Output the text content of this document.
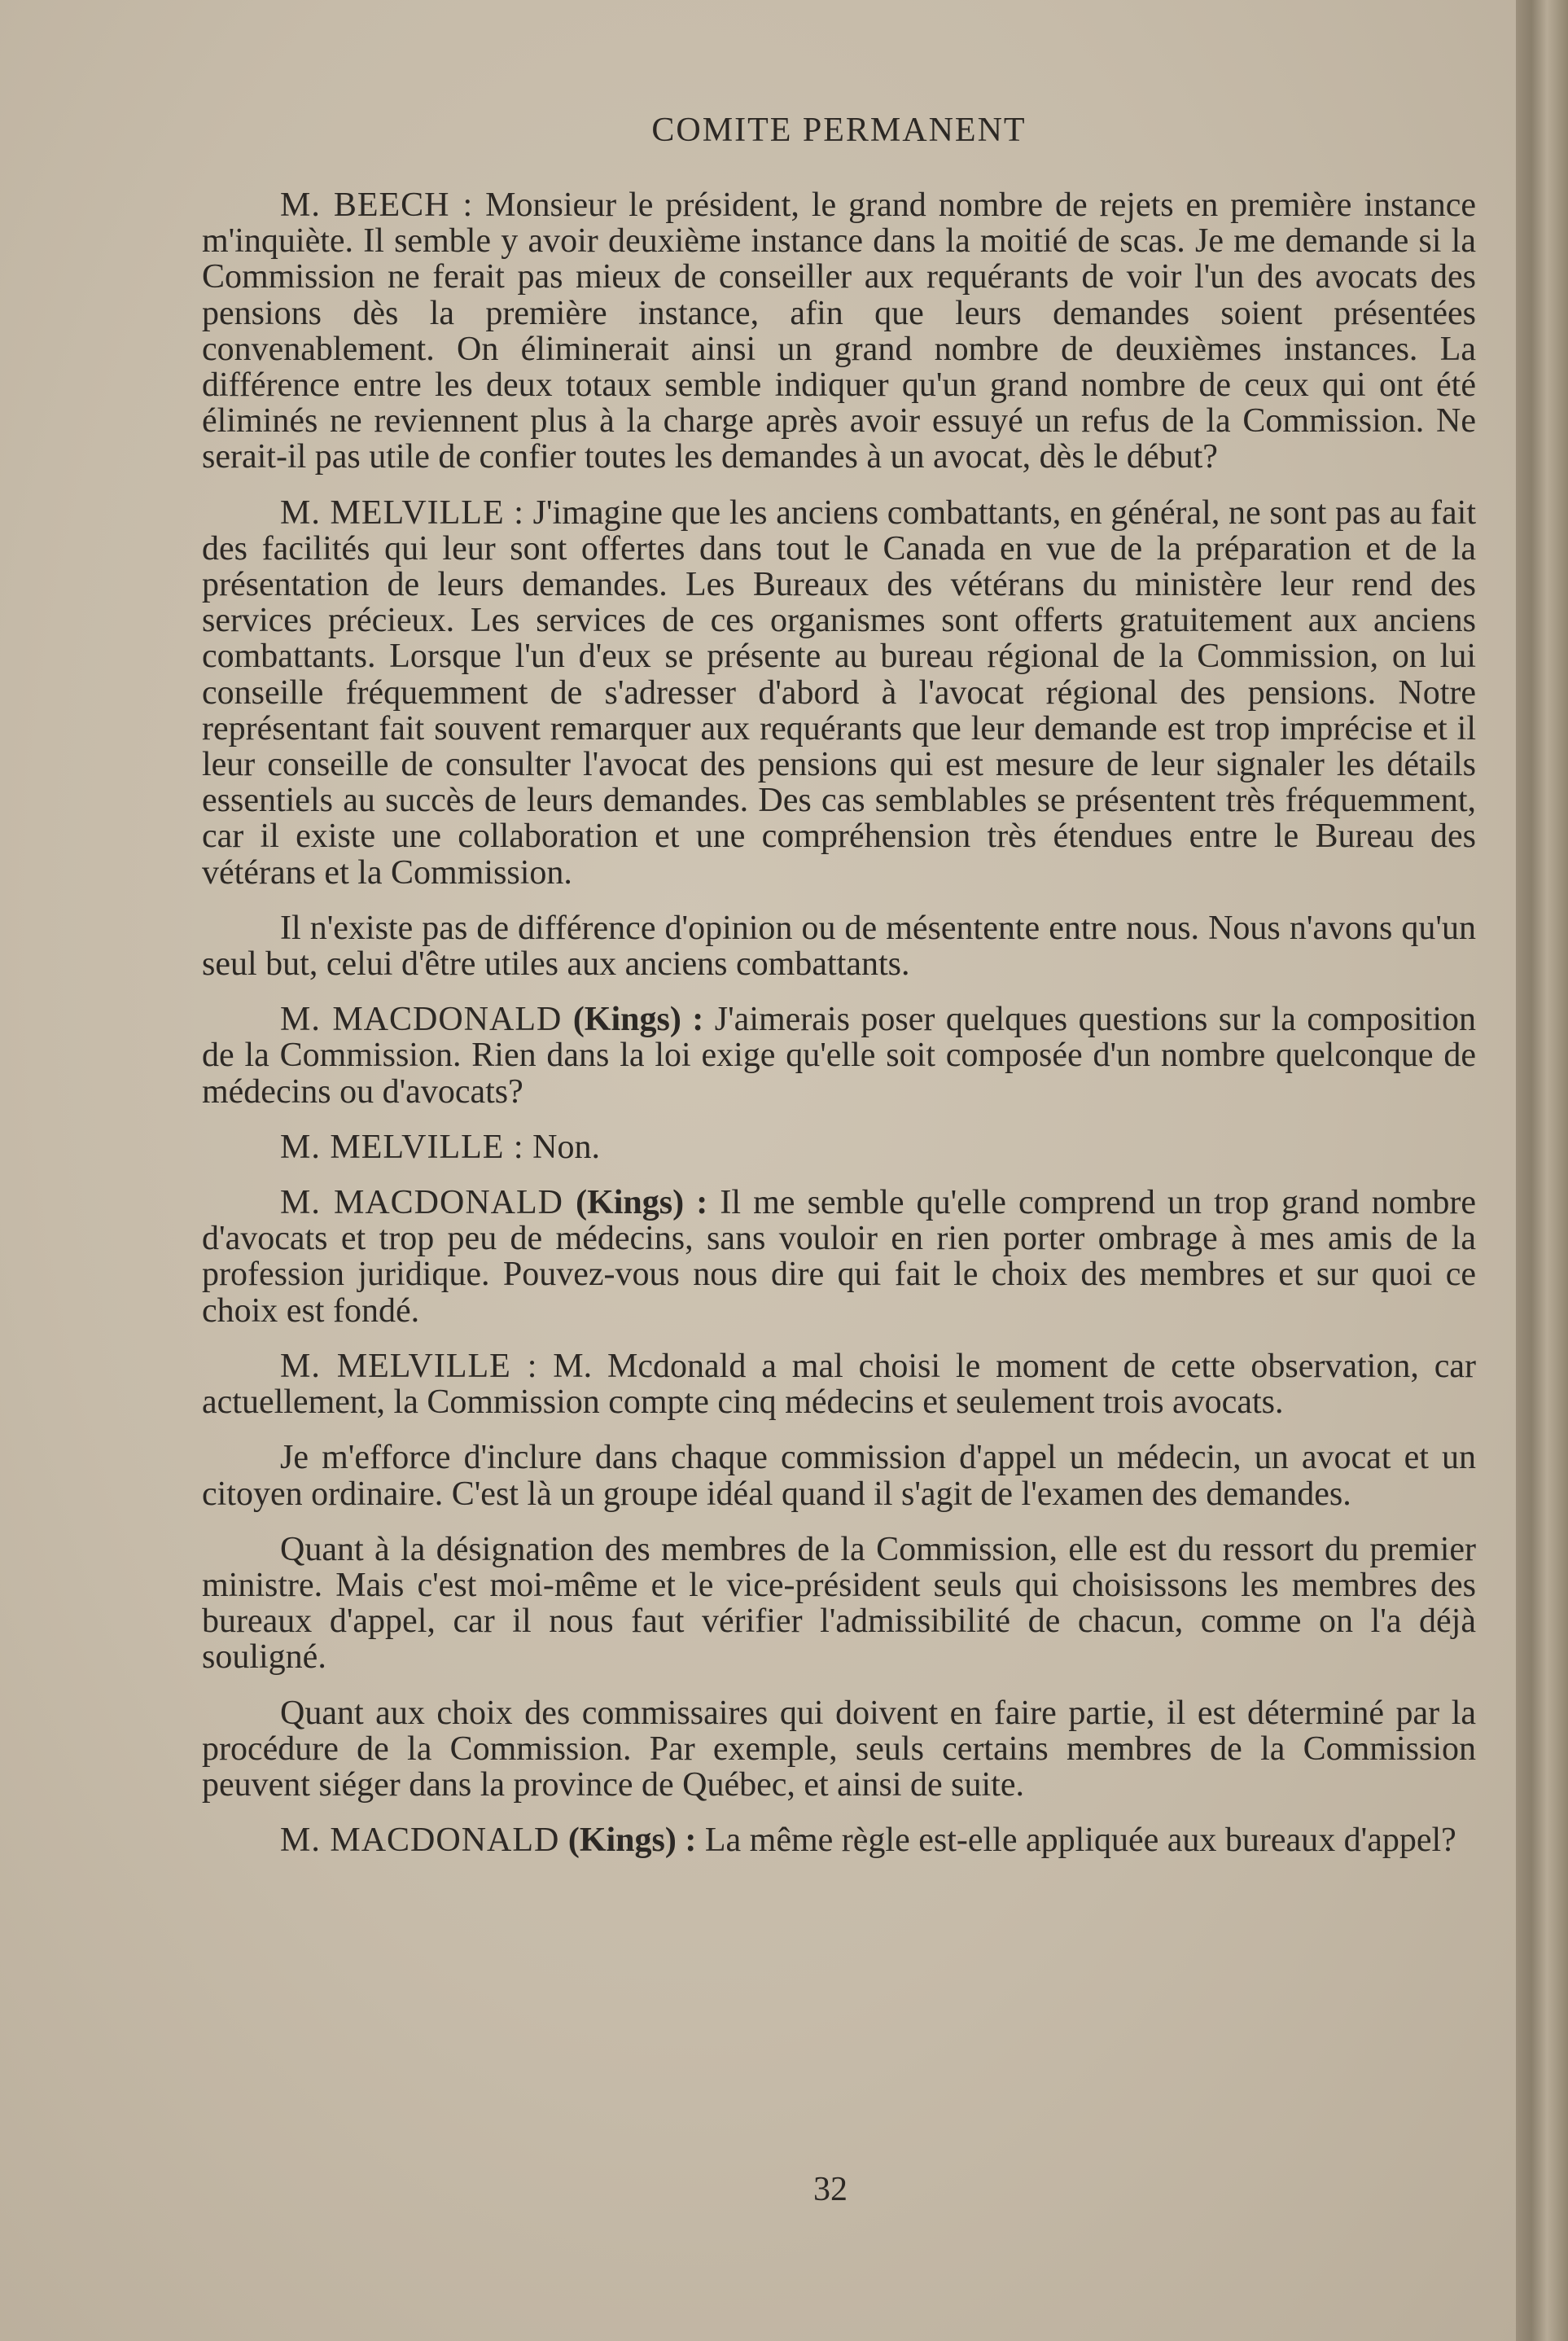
COMITE PERMANENT

M. BEECH : Monsieur le président, le grand nombre de rejets en première instance m'inquiète. Il semble y avoir deuxième instance dans la moitié de scas. Je me demande si la Commission ne ferait pas mieux de conseiller aux requérants de voir l'un des avocats des pensions dès la première instance, afin que leurs demandes soient présentées convenablement. On éliminerait ainsi un grand nombre de deuxièmes instances. La différence entre les deux totaux semble indiquer qu'un grand nombre de ceux qui ont été éliminés ne reviennent plus à la charge après avoir essuyé un refus de la Commission. Ne serait-il pas utile de confier toutes les demandes à un avocat, dès le début?

M. MELVILLE : J'imagine que les anciens combattants, en général, ne sont pas au fait des facilités qui leur sont offertes dans tout le Canada en vue de la préparation et de la présentation de leurs demandes. Les Bureaux des vétérans du ministère leur rend des services précieux. Les services de ces organismes sont offerts gratuitement aux anciens combattants. Lorsque l'un d'eux se présente au bureau régional de la Commission, on lui conseille fréquemment de s'adresser d'abord à l'avocat régional des pensions. Notre représentant fait souvent remarquer aux requérants que leur demande est trop imprécise et il leur conseille de consulter l'avocat des pensions qui est mesure de leur signaler les détails essentiels au succès de leurs demandes. Des cas semblables se présentent très fréquemment, car il existe une collaboration et une compréhension très étendues entre le Bureau des vétérans et la Commission.

Il n'existe pas de différence d'opinion ou de mésentente entre nous. Nous n'avons qu'un seul but, celui d'être utiles aux anciens combattants.

M. MACDONALD (Kings) : J'aimerais poser quelques questions sur la composition de la Commission. Rien dans la loi exige qu'elle soit composée d'un nombre quelconque de médecins ou d'avocats?

M. MELVILLE : Non.

M. MACDONALD (Kings) : Il me semble qu'elle comprend un trop grand nombre d'avocats et trop peu de médecins, sans vouloir en rien porter ombrage à mes amis de la profession juridique. Pouvez-vous nous dire qui fait le choix des membres et sur quoi ce choix est fondé.

M. MELVILLE : M. Mcdonald a mal choisi le moment de cette observation, car actuellement, la Commission compte cinq médecins et seulement trois avocats.

Je m'efforce d'inclure dans chaque commission d'appel un médecin, un avocat et un citoyen ordinaire. C'est là un groupe idéal quand il s'agit de l'examen des demandes.

Quant à la désignation des membres de la Commission, elle est du ressort du premier ministre. Mais c'est moi-même et le vice-président seuls qui choisissons les membres des bureaux d'appel, car il nous faut vérifier l'admissibilité de chacun, comme on l'a déjà souligné.

Quant aux choix des commissaires qui doivent en faire partie, il est déterminé par la procédure de la Commission. Par exemple, seuls certains membres de la Commission peuvent siéger dans la province de Québec, et ainsi de suite.

M. MACDONALD (Kings) : La même règle est-elle appliquée aux bureaux d'appel?

32
